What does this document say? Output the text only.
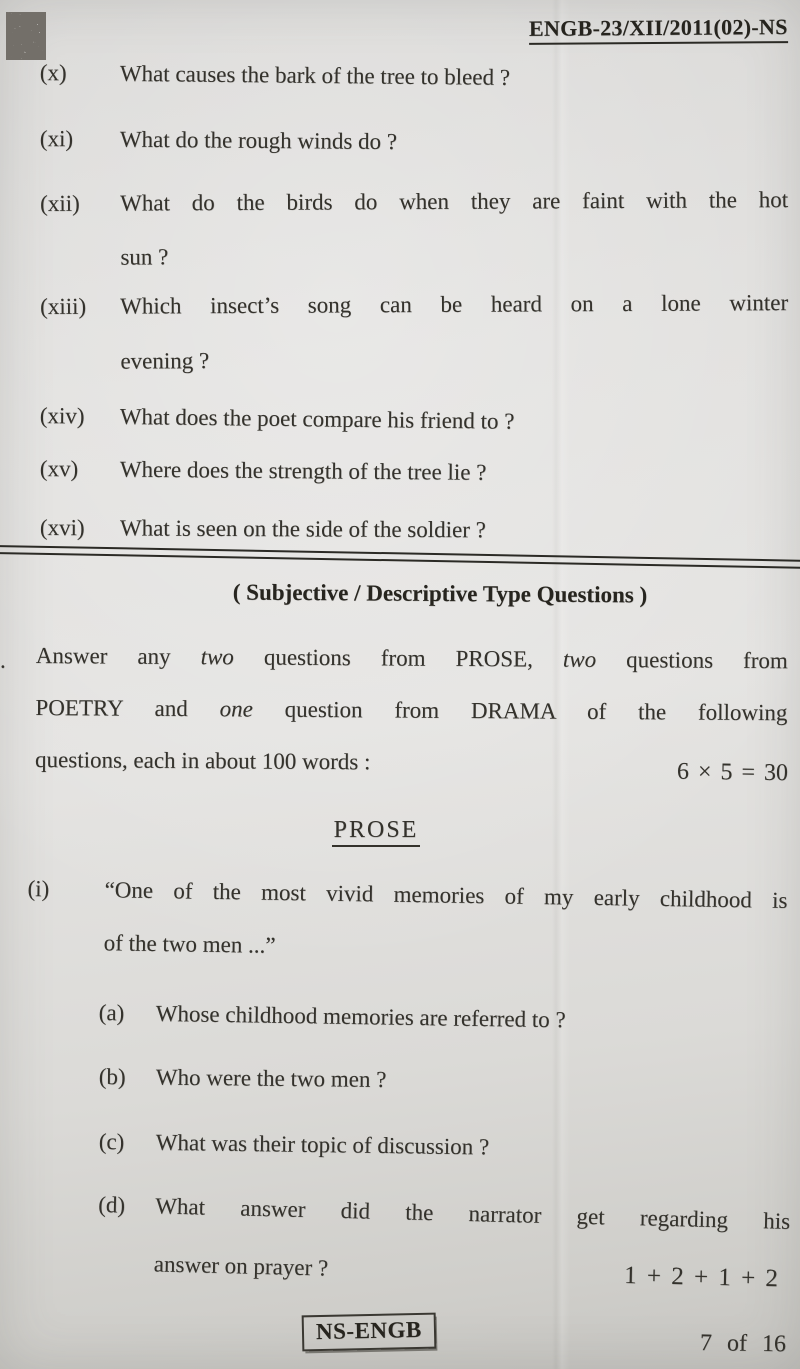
ENGB-23/XII/2011(02)-NS
(x) What causes the bark of the tree to bleed ?
(xi) What do the rough winds do ?
(xii) What do the birds do when they are faint with the hot
sun ?
(xiii) Which insect’s song can be heard on a lone winter
evening ?
(xiv) What does the poet compare his friend to ?
(xv) Where does the strength of the tree lie ?
(xvi) What is seen on the side of the soldier ?
( Subjective / Descriptive Type Questions )
. Answer any two questions from PROSE, two questions from
POETRY and one question from DRAMA of the following
questions, each in about 100 words :	6 × 5 = 30
PROSE
(i) “One of the most vivid memories of my early childhood is
of the two men ...”
(a) Whose childhood memories are referred to ?
(b) Who were the two men ?
(c) What was their topic of discussion ?
(d) What answer did the narrator get regarding his
answer on prayer ?	1 + 2 + 1 + 2
NS-ENGB	7 of 16
